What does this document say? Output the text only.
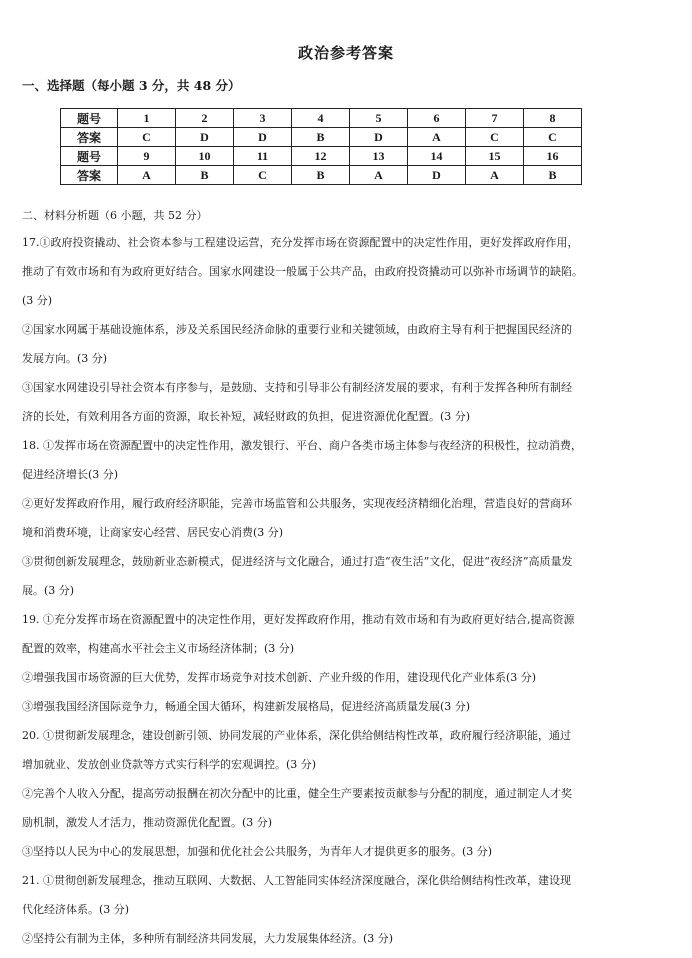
政治参考答案
一、选择题（每小题 3 分，共 48 分）
题号	1	2	3	4	5	6	7	8
答案	C	D	D	B	D	A	C	C
题号	9	10	11	12	13	14	15	16
答案	A	B	C	B	A	D	A	B
二、材料分析题（6 小题，共 52 分）

17.①政府投资撬动、社会资本参与工程建设运营，充分发挥市场在资源配置中的决定性作用，更好发挥政府作用，

推动了有效市场和有为政府更好结合。国家水网建设一般属于公共产品，由政府投资撬动可以弥补市场调节的缺陷。

(3 分)

②国家水网属于基础设施体系，涉及关系国民经济命脉的重要行业和关键领域，由政府主导有利于把握国民经济的

发展方向。(3 分)

③国家水网建设引导社会资本有序参与，是鼓励、支持和引导非公有制经济发展的要求，有利于发挥各种所有制经

济的长处，有效利用各方面的资源，取长补短，减轻财政的负担，促进资源优化配置。(3 分)

18. ①发挥市场在资源配置中的决定性作用，激发银行、平台、商户各类市场主体参与夜经济的积极性，拉动消费，

促进经济增长(3 分)

②更好发挥政府作用，履行政府经济职能，完善市场监管和公共服务，实现夜经济精细化治理，营造良好的营商环

境和消费环境，让商家安心经营、居民安心消费(3 分)

③贯彻创新发展理念，鼓励新业态新模式，促进经济与文化融合，通过打造“夜生活”文化，促进“夜经济”高质量发

展。(3 分)

19. ①充分发挥市场在资源配置中的决定性作用，更好发挥政府作用，推动有效市场和有为政府更好结合,提高资源

配置的效率，构建高水平社会主义市场经济体制；(3 分)

②增强我国市场资源的巨大优势，发挥市场竞争对技术创新、产业升级的作用，建设现代化产业体系(3 分)

③增强我国经济国际竞争力，畅通全国大循环，构建新发展格局，促进经济高质量发展(3 分)

20. ①贯彻新发展理念，建设创新引领、协同发展的产业体系，深化供给侧结构性改革，政府履行经济职能，通过

增加就业、发放创业贷款等方式实行科学的宏观调控。(3 分)

②完善个人收入分配，提高劳动报酬在初次分配中的比重，健全生产要素按贡献参与分配的制度，通过制定人才奖

励机制，激发人才活力，推动资源优化配置。(3 分)

③坚持以人民为中心的发展思想，加强和优化社会公共服务，为青年人才提供更多的服务。(3 分)

21. ①贯彻创新发展理念，推动互联网、大数据、人工智能同实体经济深度融合，深化供给侧结构性改革，建设现

代化经济体系。(3 分)

②坚持公有制为主体，多种所有制经济共同发展，大力发展集体经济。(3 分)
